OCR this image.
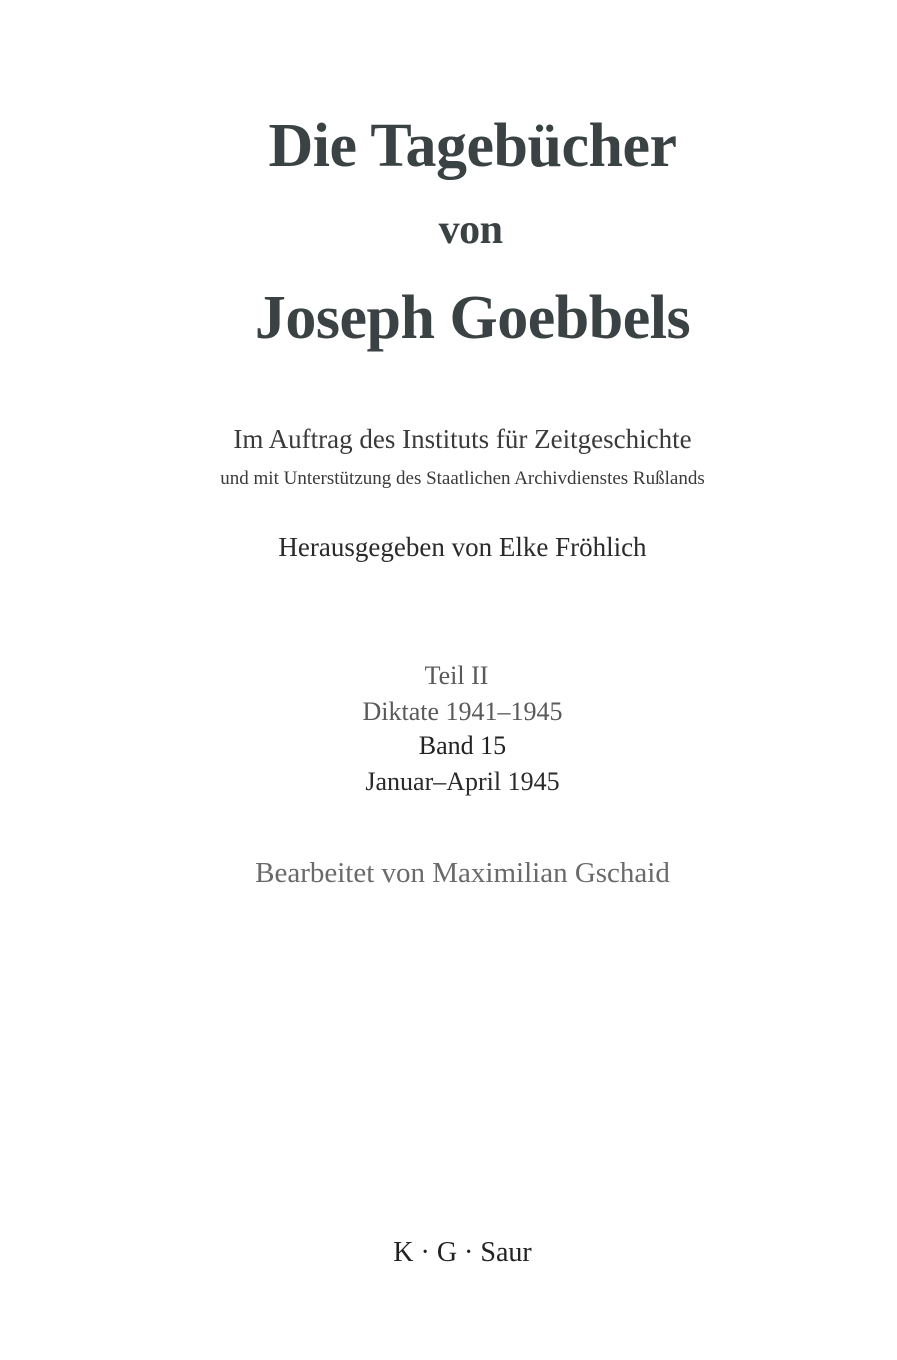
Die Tagebücher
von
Joseph Goebbels

Im Auftrag des Instituts für Zeitgeschichte

und mit Unterstützung des Staatlichen Archivdienstes Rußlands

Herausgegeben von Elke Fröhlich

Teil II

Diktate 1941–1945

Band 15

Januar–April 1945

Bearbeitet von Maximilian Gschaid

K · G · Saur
